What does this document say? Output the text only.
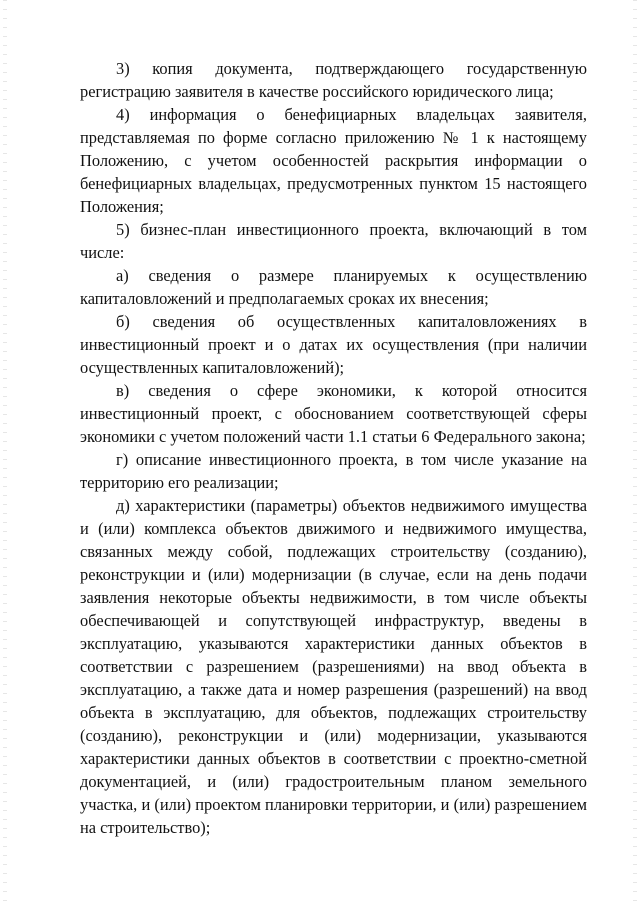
3) копия документа, подтверждающего государственную регистрацию заявителя в качестве российского юридического лица;

4) информация о бенефициарных владельцах заявителя, представляемая по форме согласно приложению № 1 к настоящему Положению, с учетом особенностей раскрытия информации о бенефициарных владельцах, предусмотренных пунктом 15 настоящего Положения;

5) бизнес-план инвестиционного проекта, включающий в том числе:

а) сведения о размере планируемых к осуществлению капиталовложений и предполагаемых сроках их внесения;

б) сведения об осуществленных капиталовложениях в инвестиционный проект и о датах их осуществления (при наличии осуществленных капиталовложений);

в) сведения о сфере экономики, к которой относится инвестиционный проект, с обоснованием соответствующей сферы экономики с учетом положений части 1.1 статьи 6 Федерального закона;

г) описание инвестиционного проекта, в том числе указание на территорию его реализации;

д) характеристики (параметры) объектов недвижимого имущества и (или) комплекса объектов движимого и недвижимого имущества, связанных между собой, подлежащих строительству (созданию), реконструкции и (или) модернизации (в случае, если на день подачи заявления некоторые объекты недвижимости, в том числе объекты обеспечивающей и сопутствующей инфраструктур, введены в эксплуатацию, указываются характеристики данных объектов в соответствии с разрешением (разрешениями) на ввод объекта в эксплуатацию, а также дата и номер разрешения (разрешений) на ввод объекта в эксплуатацию, для объектов, подлежащих строительству (созданию), реконструкции и (или) модернизации, указываются характеристики данных объектов в соответствии с проектно-сметной документацией, и (или) градостроительным планом земельного участка, и (или) проектом планировки территории, и (или) разрешением на строительство);
